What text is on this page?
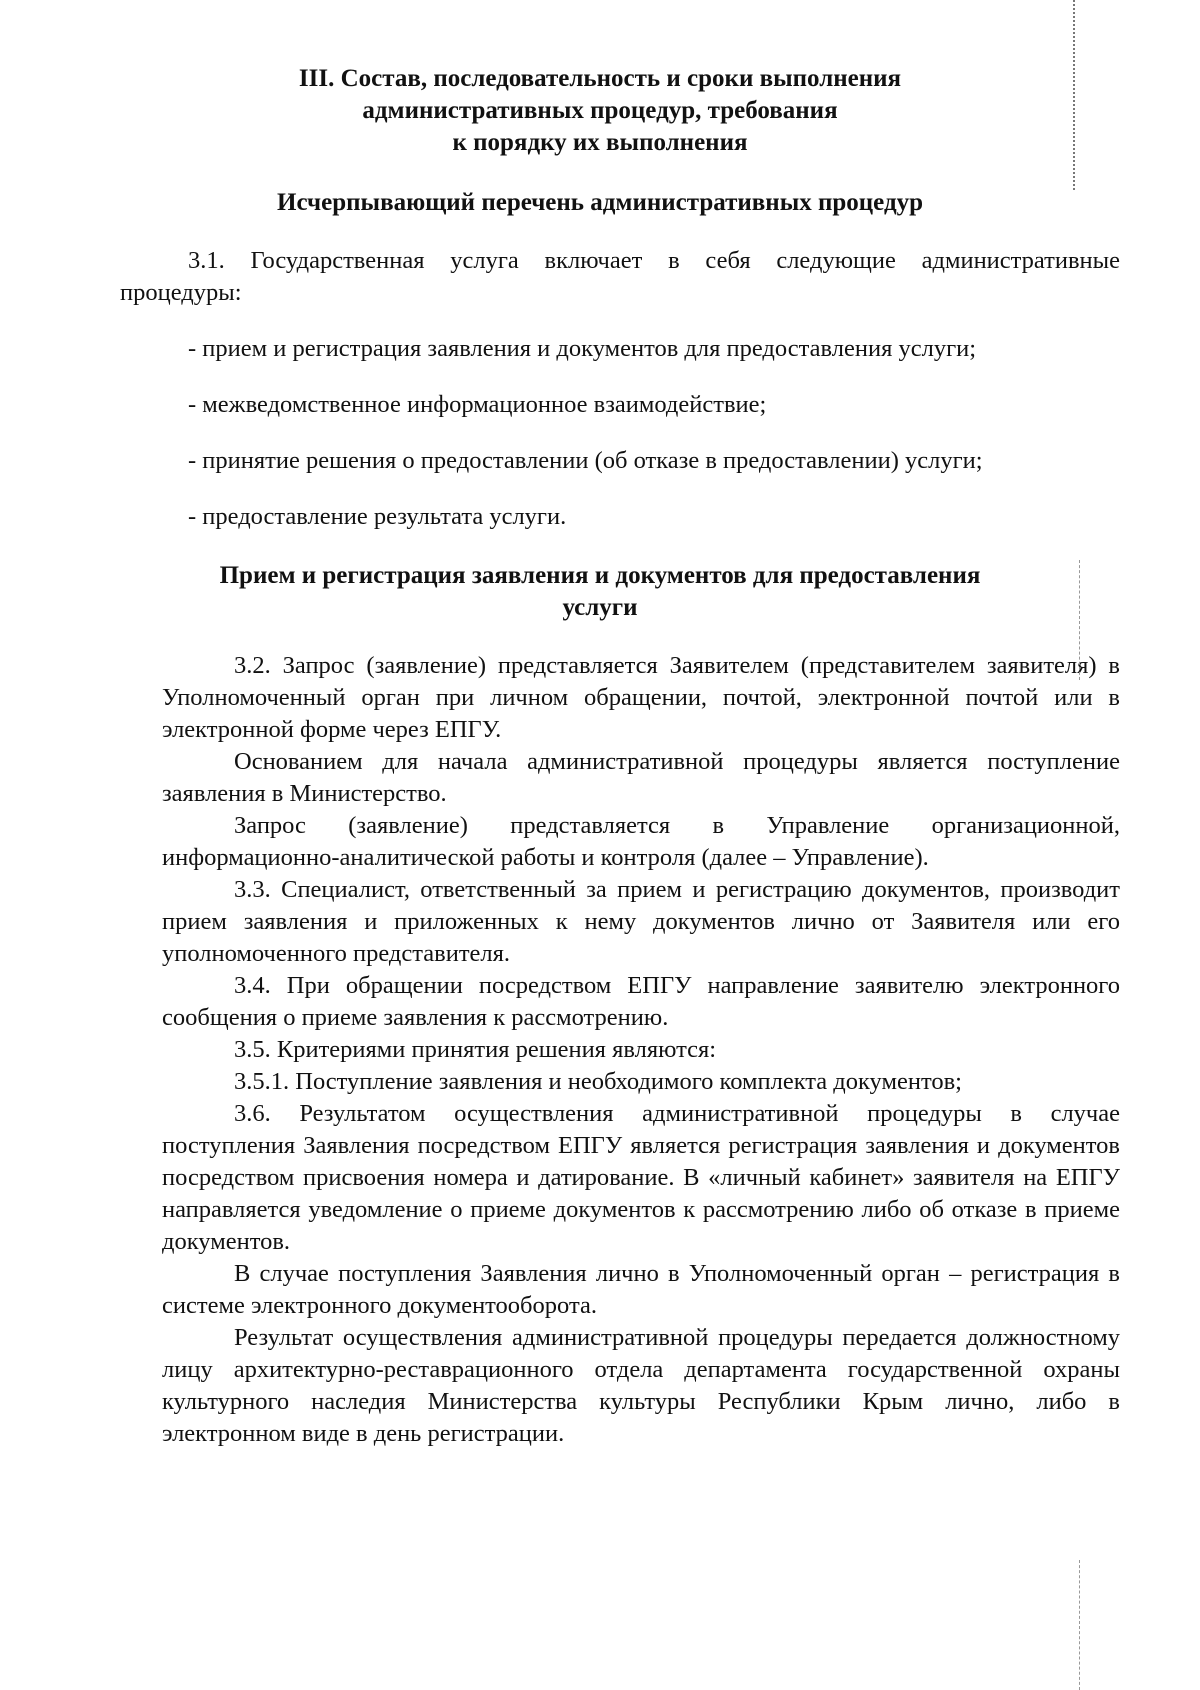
III. Состав, последовательность и сроки выполнения
административных процедур, требования
к порядку их выполнения
Исчерпывающий перечень административных процедур

3.1. Государственная услуга включает в себя следующие административные

процедуры:

- прием и регистрация заявления и документов для предоставления услуги;

- межведомственное информационное взаимодействие;

- принятие решения о предоставлении (об отказе в предоставлении) услуги;

- предоставление результата услуги.

Прием и регистрация заявления и документов для предоставления
услуги

3.2. Запрос (заявление) представляется Заявителем (представителем заявителя) в Уполномоченный орган при личном обращении, почтой, электронной почтой или в электронной форме через ЕПГУ.

Основанием для начала административной процедуры является поступление заявления в Министерство.

Запрос (заявление) представляется в Управление организационной, информационно-аналитической работы и контроля (далее – Управление).

3.3. Специалист, ответственный за прием и регистрацию документов, производит прием заявления и приложенных к нему документов лично от Заявителя или его уполномоченного представителя.

3.4. При обращении посредством ЕПГУ направление заявителю электронного сообщения о приеме заявления к рассмотрению.

3.5. Критериями принятия решения являются:

3.5.1. Поступление заявления и необходимого комплекта документов;

3.6. Результатом осуществления административной процедуры в случае поступления Заявления посредством ЕПГУ является регистрация заявления и документов посредством присвоения номера и датирование. В «личный кабинет» заявителя на ЕПГУ направляется уведомление о приеме документов к рассмотрению либо об отказе в приеме документов.

В случае поступления Заявления лично в Уполномоченный орган – регистрация в системе электронного документооборота.

Результат осуществления административной процедуры передается должностному лицу архитектурно-реставрационного отдела департамента государственной охраны культурного наследия Министерства культуры Республики Крым лично, либо в электронном виде в день регистрации.
